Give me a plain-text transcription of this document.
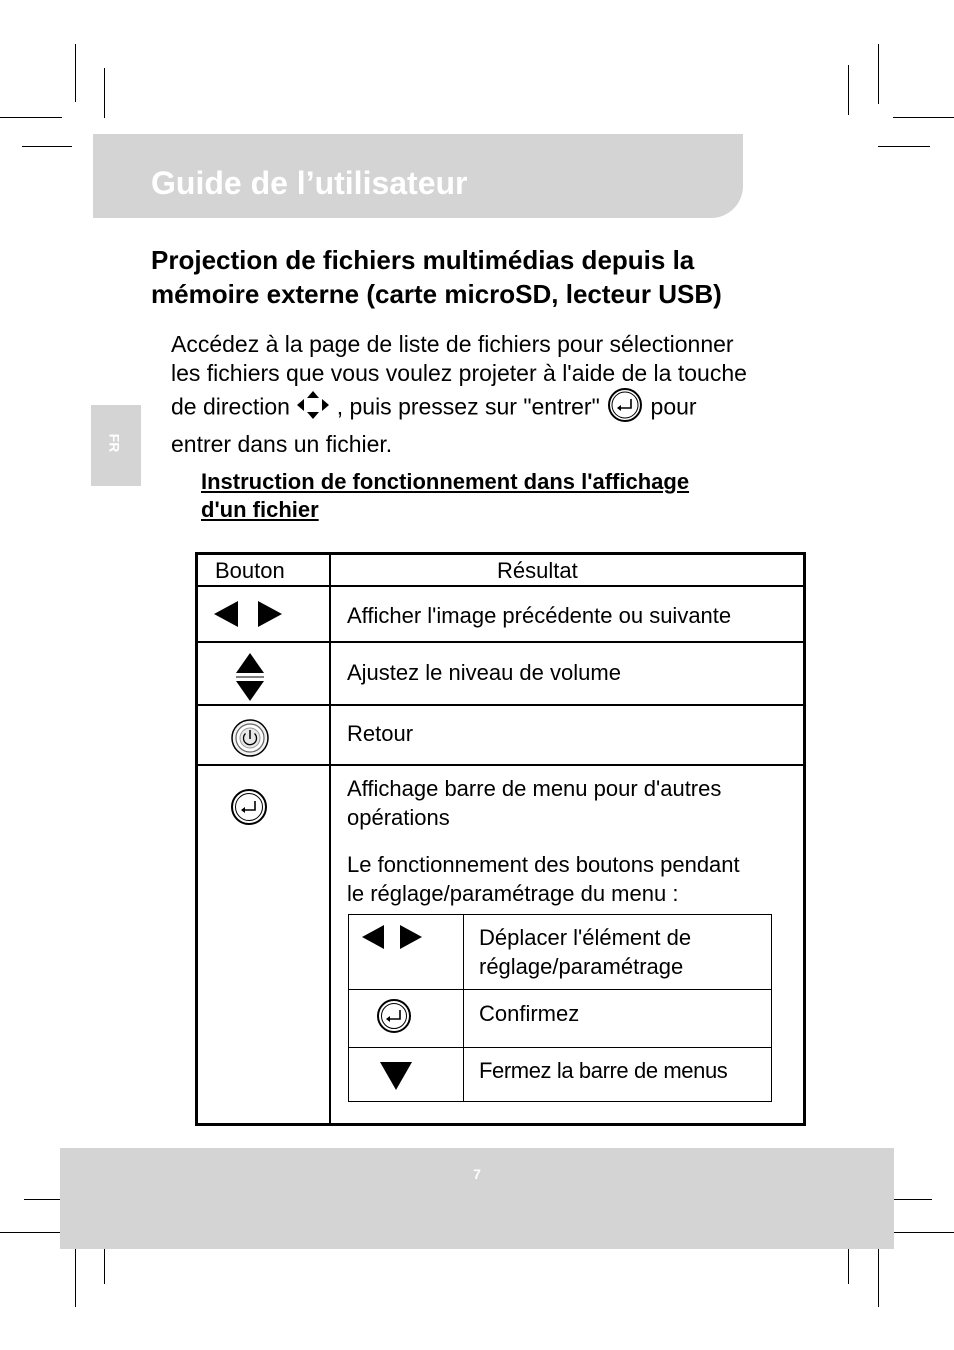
Guide de l’utilisateur
FR
Projection de fichiers multimédias depuis la
mémoire externe (carte microSD, lecteur USB)
Accédez à la page de liste de fichiers pour sélectionner
les fichiers que vous voulez projeter à l'aide de la touche
de direction , puis pressez sur "entrer" pour
entrer dans un fichier.
Instruction de fonctionnement dans l'affichage
d'un fichier
Bouton	Résultat
Afficher l'image précédente ou suivante
Ajustez le niveau de volume
Retour
Affichage barre de menu pour d'autres
opérations
Le fonctionnement des boutons pendant
le réglage/paramétrage du menu :
Déplacer l'élément de
réglage/paramétrage
Confirmez
Fermez la barre de menus
7
